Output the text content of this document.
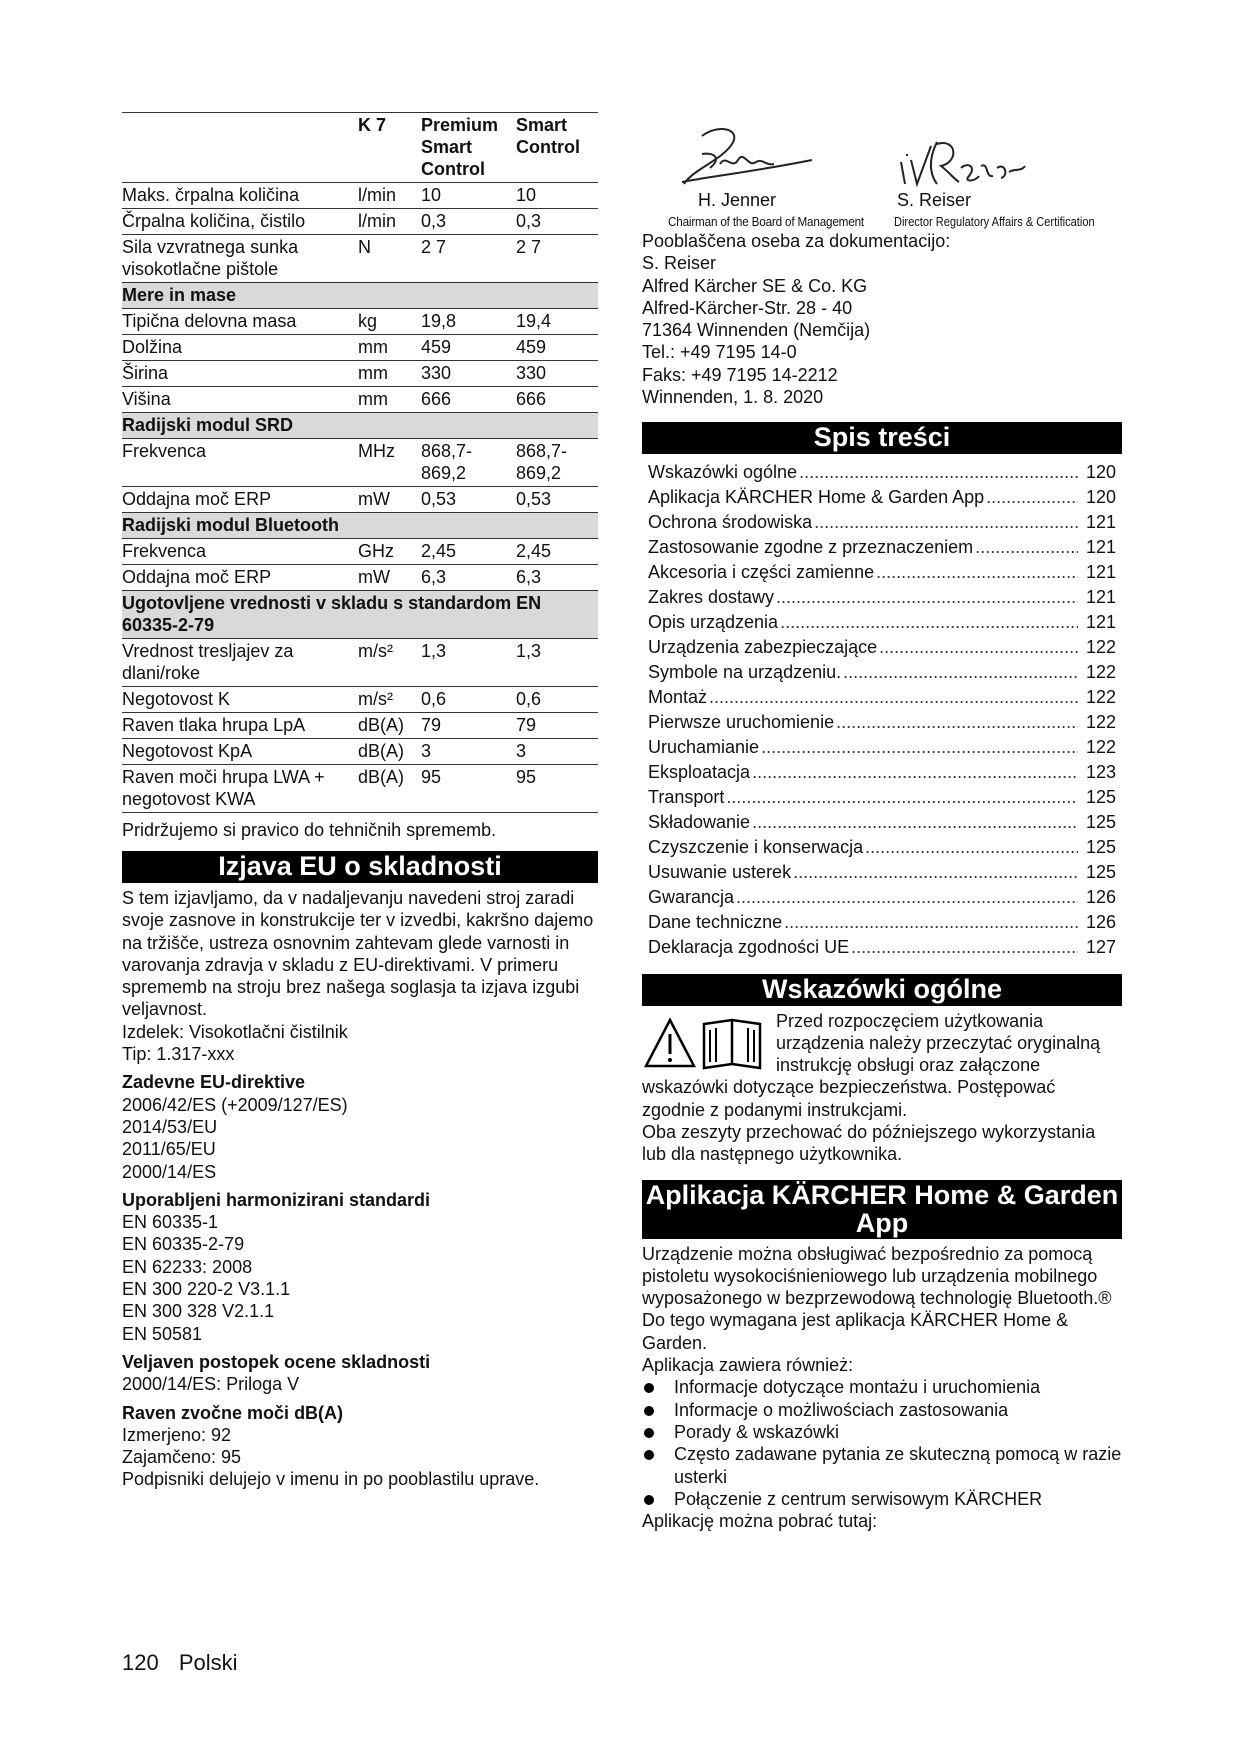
	K 7	Premium Smart Control	Smart Control
Maks. črpalna količina	l/min	10	10
Črpalna količina, čistilo	l/min	0,3	0,3
Sila vzvratnega sunka visokotlačne pištole	N	2 7	2 7
Mere in mase			
Tipična delovna masa	kg	19,8	19,4
Dolžina	mm	459	459
Širina	mm	330	330
Višina	mm	666	666
Radijski modul SRD			
Frekvenca	MHz	868,7-869,2	868,7-869,2
Oddajna moč ERP	mW	0,53	0,53
Radijski modul Bluetooth			
Frekvenca	GHz	2,45	2,45
Oddajna moč ERP	mW	6,3	6,3
Ugotovljene vrednosti v skladu s standardom EN 60335-2-79			
Vrednost tresljajev za dlani/roke	m/s²	1,3	1,3
Negotovost K	m/s²	0,6	0,6
Raven tlaka hrupa LpA	dB(A)	79	79
Negotovost KpA	dB(A)	3	3
Raven moči hrupa LWA + negotovost KWA	dB(A)	95	95
Pridržujemo si pravico do tehničnih sprememb.
Izjava EU o skladnosti

S tem izjavljamo, da v nadaljevanju navedeni stroj zaradi svoje zasnove in konstrukcije ter v izvedbi, kakršno dajemo na tržišče, ustreza osnovnim zahtevam glede varnosti in varovanja zdravja v skladu z EU-direktivami. V primeru sprememb na stroju brez našega soglasja ta izjava izgubi veljavnost.

Izdelek: Visokotlačni čistilnik

Tip: 1.317-xxx

Zadevne EU-direktive

2006/42/ES (+2009/127/ES)

2014/53/EU

2011/65/EU

2000/14/ES

Uporabljeni harmonizirani standardi

EN 60335-1

EN 60335-2-79

EN 62233: 2008

EN 300 220-2 V3.1.1

EN 300 328 V2.1.1

EN 50581

Veljaven postopek ocene skladnosti

2000/14/ES: Priloga V

Raven zvočne moči dB(A)

Izmerjeno: 92

Zajamčeno: 95

Podpisniki delujejo v imenu in po pooblastilu uprave.

H. Jenner
Chairman of the Board of Management
S. Reiser
Director Regulatory Affairs & Certification

Pooblaščena oseba za dokumentacijo:

S. Reiser

Alfred Kärcher SE & Co. KG

Alfred-Kärcher-Str. 28 - 40

71364 Winnenden (Nemčija)

Tel.: +49 7195 14-0

Faks: +49 7195 14-2212

Winnenden, 1. 8. 2020

Spis treści
Wskazówki ogólne .....	120
Aplikacja KÄRCHER Home & Garden App .....	120
Ochrona środowiska .....	121
Zastosowanie zgodne z przeznaczeniem .....	121
Akcesoria i części zamienne .....	121
Zakres dostawy .....	121
Opis urządzenia .....	121
Urządzenia zabezpieczające .....	122
Symbole na urządzeniu. .....	122
Montaż .....	122
Pierwsze uruchomienie .....	122
Uruchamianie .....	122
Eksploatacja .....	123
Transport .....	125
Składowanie .....	125
Czyszczenie i konserwacja .....	125
Usuwanie usterek .....	125
Gwarancja .....	126
Dane techniczne .....	126
Deklaracja zgodności UE .....	127
Wskazówki ogólne
Przed rozpoczęciem użytkowania urządzenia należy przeczytać oryginalną instrukcję obsługi oraz załączone

wskazówki dotyczące bezpieczeństwa. Postępować zgodnie z podanymi instrukcjami.

Oba zeszyty przechować do późniejszego wykorzystania lub dla następnego użytkownika.

Aplikacja KÄRCHER Home & Garden App

Urządzenie można obsługiwać bezpośrednio za pomocą pistoletu wysokociśnieniowego lub urządzenia mobilnego wyposażonego w bezprzewodową technologię Bluetooth.® Do tego wymagana jest aplikacja KÄRCHER Home & Garden.

Aplikacja zawiera również:

Informacje dotyczące montażu i uruchomienia
Informacje o możliwościach zastosowania
Porady & wskazówki
Często zadawane pytania ze skuteczną pomocą w razie usterki
Połączenie z centrum serwisowym KÄRCHER

Aplikację można pobrać tutaj:

120 Polski
